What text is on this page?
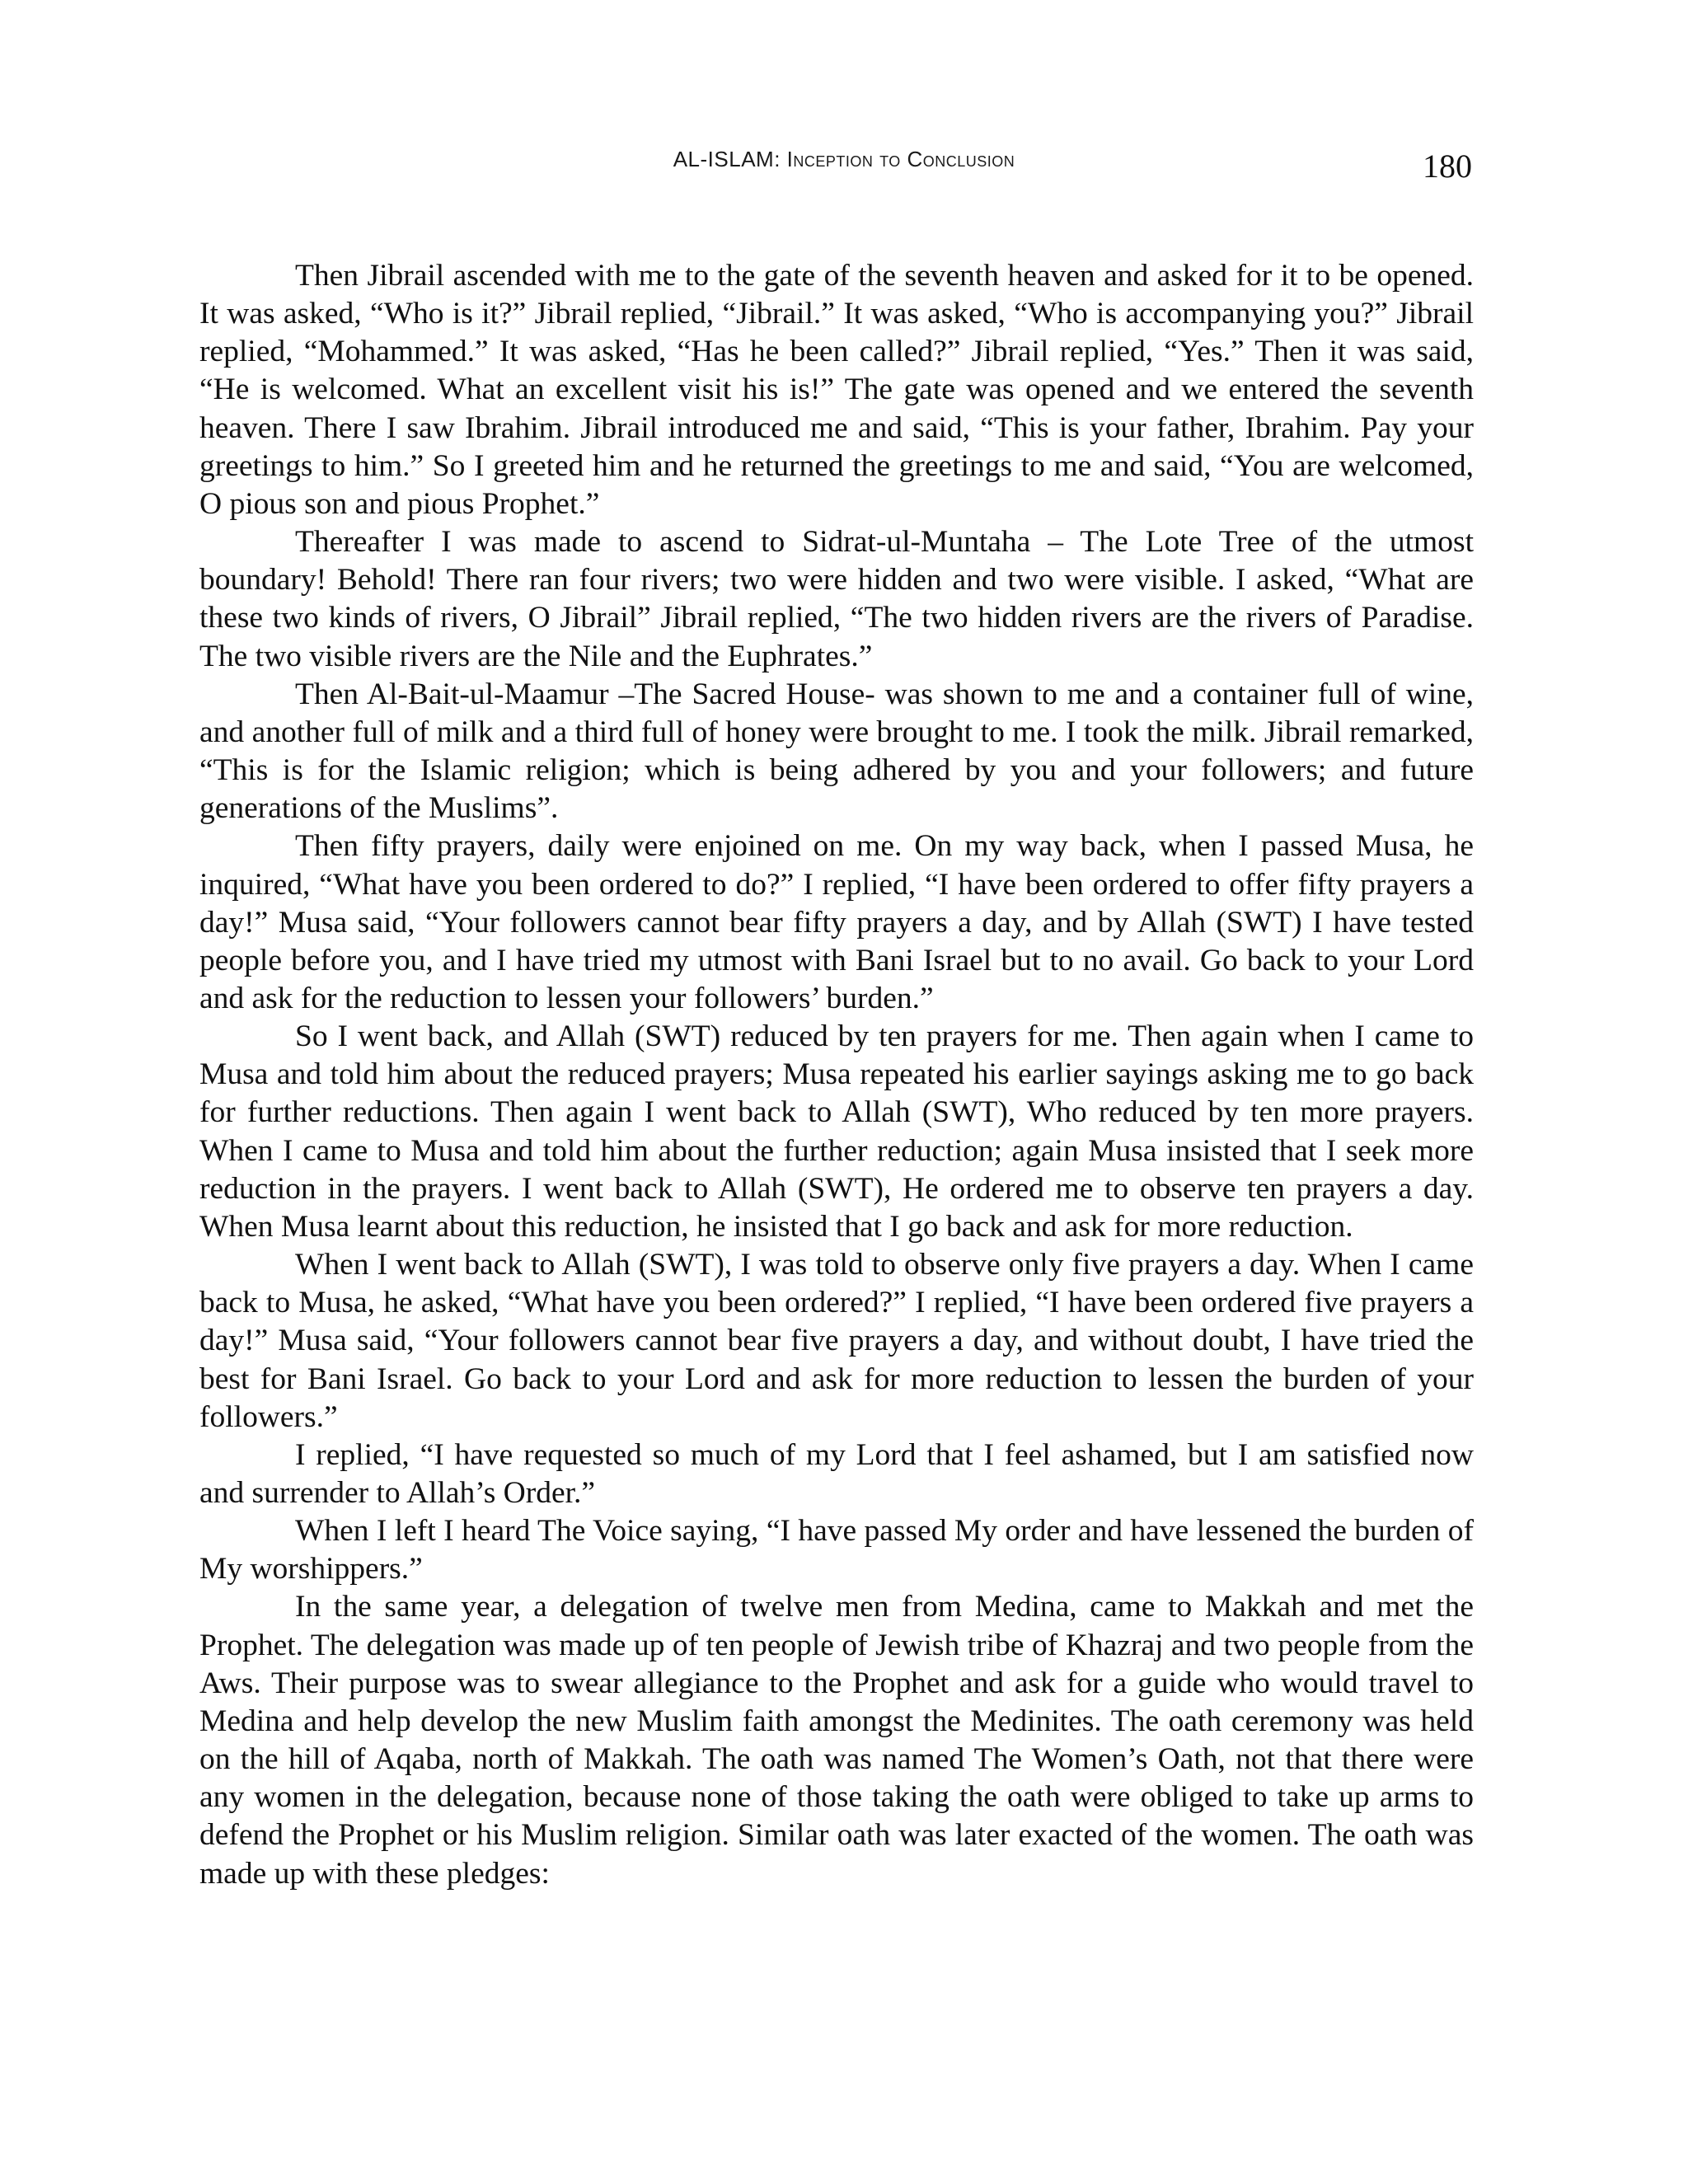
AL-ISLAM: Inception to Conclusion	180

Then Jibrail ascended with me to the gate of the seventh heaven and asked for it to be opened. It was asked, “Who is it?” Jibrail replied, “Jibrail.” It was asked, “Who is accompanying you?” Jibrail replied, “Mohammed.” It was asked, “Has he been called?” Jibrail replied, “Yes.” Then it was said, “He is welcomed. What an excellent visit his is!” The gate was opened and we entered the seventh heaven. There I saw Ibrahim. Jibrail introduced me and said, “This is your father, Ibrahim. Pay your greetings to him.” So I greeted him and he returned the greetings to me and said, “You are welcomed, O pious son and pious Prophet.”

Thereafter I was made to ascend to Sidrat-ul-Muntaha – The Lote Tree of the utmost boundary! Behold! There ran four rivers; two were hidden and two were visible. I asked, “What are these two kinds of rivers, O Jibrail” Jibrail replied, “The two hidden rivers are the rivers of Paradise. The two visible rivers are the Nile and the Euphrates.”

Then Al-Bait-ul-Maamur –The Sacred House- was shown to me and a container full of wine, and another full of milk and a third full of honey were brought to me. I took the milk. Jibrail remarked, “This is for the Islamic religion; which is being adhered by you and your followers; and future generations of the Muslims”.

Then fifty prayers, daily were enjoined on me. On my way back, when I passed Musa, he inquired, “What have you been ordered to do?” I replied, “I have been ordered to offer fifty prayers a day!” Musa said, “Your followers cannot bear fifty prayers a day, and by Allah (SWT) I have tested people before you, and I have tried my utmost with Bani Israel but to no avail. Go back to your Lord and ask for the reduction to lessen your followers’ burden.”

So I went back, and Allah (SWT) reduced by ten prayers for me. Then again when I came to Musa and told him about the reduced prayers; Musa repeated his earlier sayings asking me to go back for further reductions. Then again I went back to Allah (SWT), Who reduced by ten more prayers. When I came to Musa and told him about the further reduction; again Musa insisted that I seek more reduction in the prayers. I went back to Allah (SWT), He ordered me to observe ten prayers a day. When Musa learnt about this reduction, he insisted that I go back and ask for more reduction.

When I went back to Allah (SWT), I was told to observe only five prayers a day. When I came back to Musa, he asked, “What have you been ordered?” I replied, “I have been ordered five prayers a day!” Musa said, “Your followers cannot bear five prayers a day, and without doubt, I have tried the best for Bani Israel. Go back to your Lord and ask for more reduction to lessen the burden of your followers.”

I replied, “I have requested so much of my Lord that I feel ashamed, but I am satisfied now and surrender to Allah’s Order.”

When I left I heard The Voice saying, “I have passed My order and have lessened the burden of My worshippers.”

In the same year, a delegation of twelve men from Medina, came to Makkah and met the Prophet. The delegation was made up of ten people of Jewish tribe of Khazraj and two people from the Aws. Their purpose was to swear allegiance to the Prophet and ask for a guide who would travel to Medina and help develop the new Muslim faith amongst the Medinites. The oath ceremony was held on the hill of Aqaba, north of Makkah. The oath was named The Women’s Oath, not that there were any women in the delegation, because none of those taking the oath were obliged to take up arms to defend the Prophet or his Muslim religion. Similar oath was later exacted of the women. The oath was made up with these pledges:
